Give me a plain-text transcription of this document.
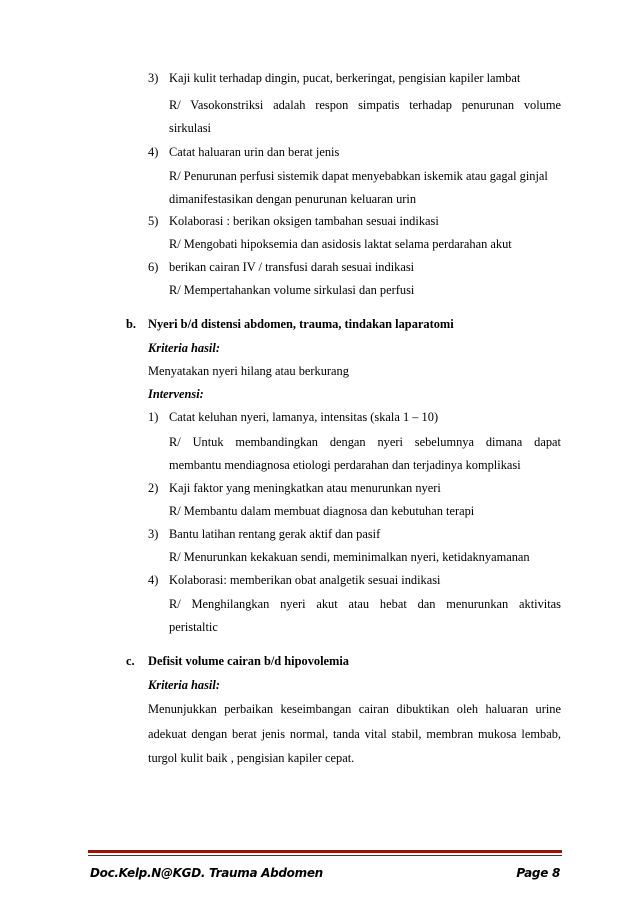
3) Kaji kulit terhadap dingin, pucat, berkeringat, pengisian kapiler lambat
R/ Vasokonstriksi adalah respon simpatis terhadap penurunan volume
sirkulasi
4) Catat haluaran urin dan berat jenis
R/ Penurunan perfusi sistemik dapat menyebabkan iskemik atau gagal ginjal
dimanifestasikan dengan penurunan keluaran urin
5) Kolaborasi : berikan oksigen tambahan sesuai indikasi
R/ Mengobati hipoksemia dan asidosis laktat selama perdarahan akut
6) berikan cairan IV / transfusi darah sesuai indikasi
R/ Mempertahankan volume sirkulasi dan perfusi
b. Nyeri b/d distensi abdomen, trauma, tindakan laparatomi
Kriteria hasil:
Menyatakan nyeri hilang atau berkurang
Intervensi:
1) Catat keluhan nyeri, lamanya, intensitas (skala 1 – 10)
R/ Untuk membandingkan dengan nyeri sebelumnya dimana dapat
membantu mendiagnosa etiologi perdarahan dan terjadinya komplikasi
2) Kaji faktor yang meningkatkan atau menurunkan nyeri
R/ Membantu dalam membuat diagnosa dan kebutuhan terapi
3) Bantu latihan rentang gerak aktif dan pasif
R/ Menurunkan kekakuan sendi, meminimalkan nyeri, ketidaknyamanan
4) Kolaborasi: memberikan obat analgetik sesuai indikasi
R/ Menghilangkan nyeri akut atau hebat dan menurunkan aktivitas
peristaltic
c. Defisit volume cairan b/d hipovolemia
Kriteria hasil:
Menunjukkan perbaikan keseimbangan cairan dibuktikan oleh haluaran urine
adekuat dengan berat jenis normal, tanda vital stabil, membran mukosa lembab,
turgol kulit baik , pengisian kapiler cepat.
Doc.Kelp.N@KGD. Trauma Abdomen	Page 8
